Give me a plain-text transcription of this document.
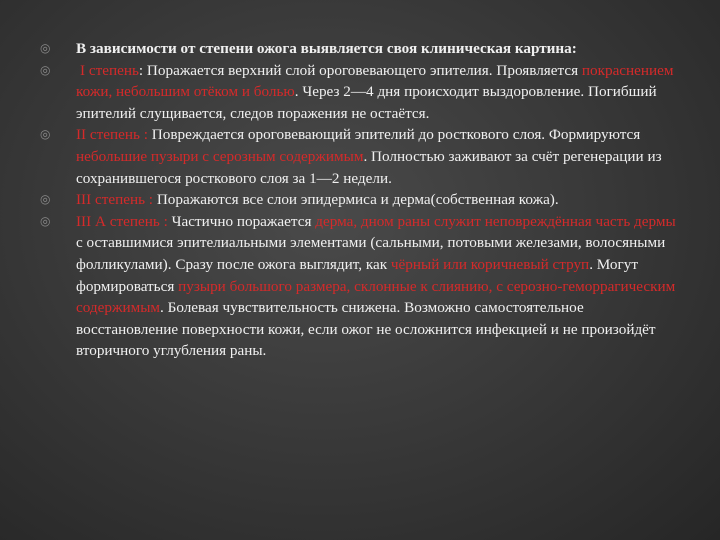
◎ В зависимости от степени ожога выявляется своя клиническая картина:
◎ I степень: Поражается верхний слой ороговевающего эпителия. Проявляется покраснением кожи, небольшим отёком и болью. Через 2—4 дня происходит выздоровление. Погибший эпителий слущивается, следов поражения не остаётся.
◎ II степень : Повреждается ороговевающий эпителий до росткового слоя. Формируются небольшие пузыри с серозным содержимым. Полностью заживают за счёт регенерации из сохранившегося росткового слоя за 1—2 недели.
◎ III степень : Поражаются все слои эпидермиса и дерма(собственная кожа).
◎ III А степень : Частично поражается дерма, дном раны служит неповреждённая часть дермы с оставшимися эпителиальными элементами (сальными, потовыми железами, волосяными фолликулами). Сразу после ожога выглядит, как чёрный или коричневый струп. Могут формироваться пузыри большого размера, склонные к слиянию, с серозно-геморрагическим содержимым. Болевая чувствительность снижена. Возможно самостоятельное восстановление поверхности кожи, если ожог не осложнится инфекцией и не произойдёт вторичного углубления раны.
